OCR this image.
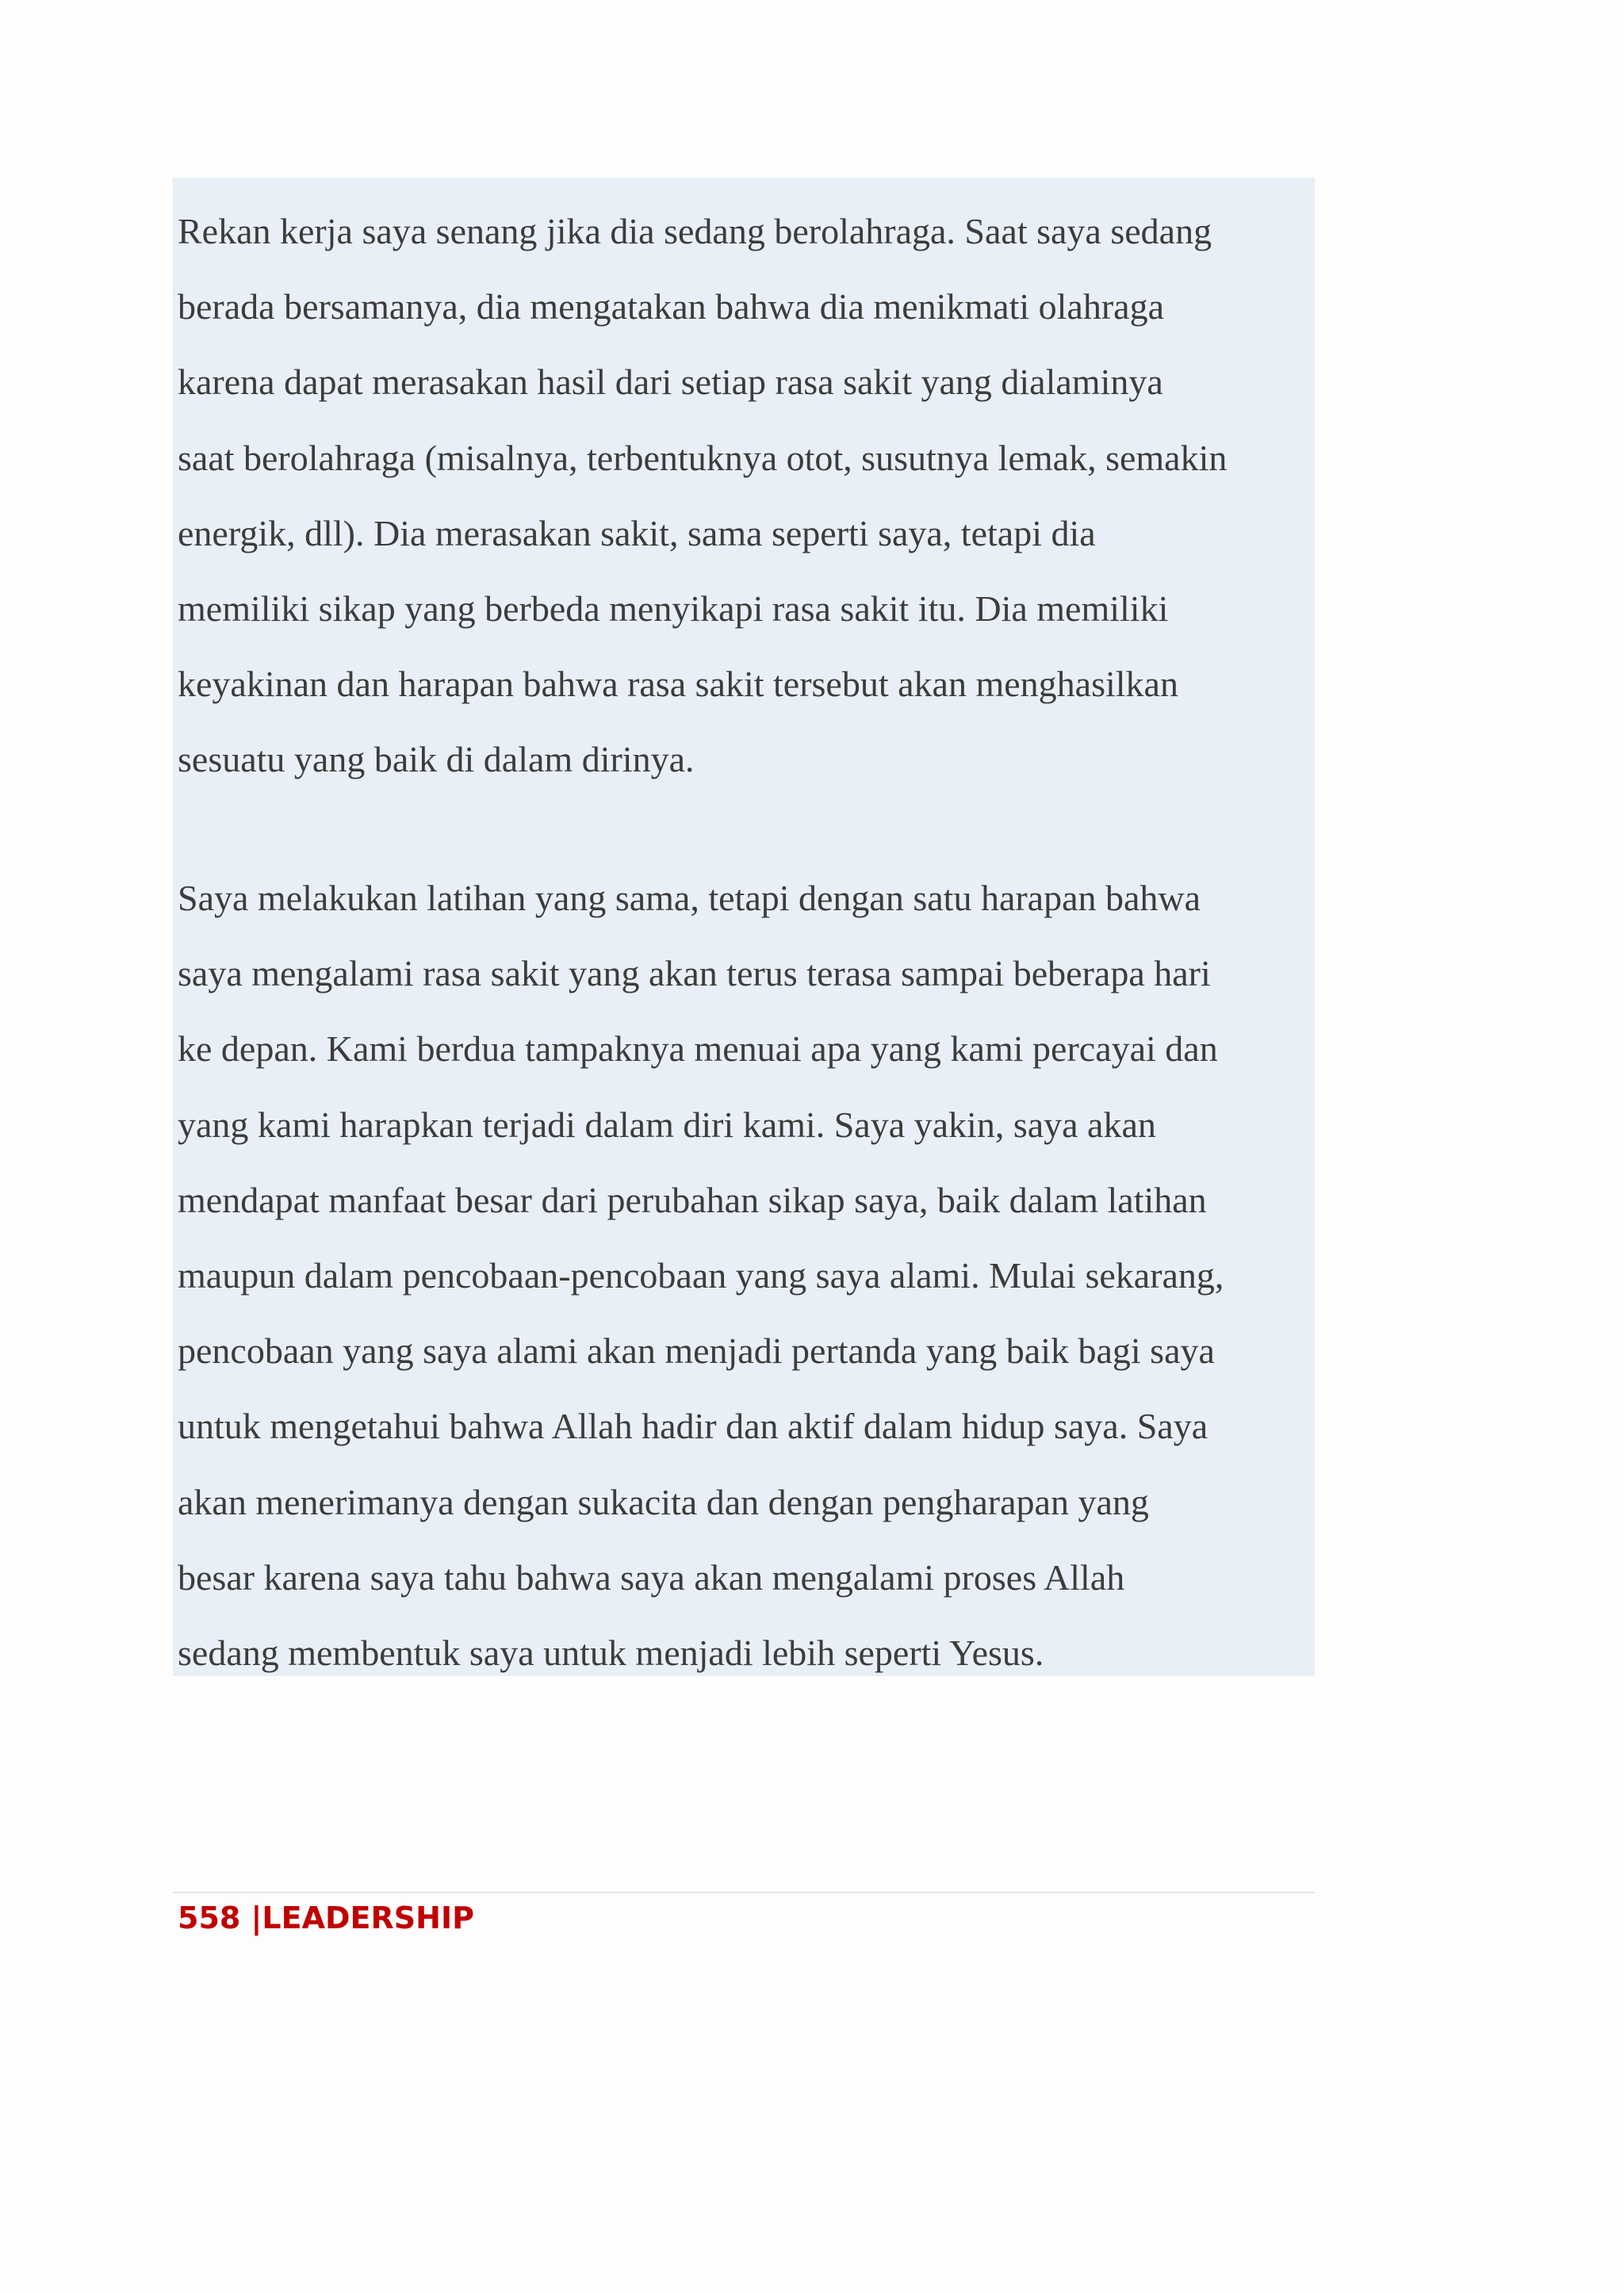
Rekan kerja saya senang jika dia sedang berolahraga. Saat saya sedang
berada bersamanya, dia mengatakan bahwa dia menikmati olahraga
karena dapat merasakan hasil dari setiap rasa sakit yang dialaminya
saat berolahraga (misalnya, terbentuknya otot, susutnya lemak, semakin
energik, dll). Dia merasakan sakit, sama seperti saya, tetapi dia
memiliki sikap yang berbeda menyikapi rasa sakit itu. Dia memiliki
keyakinan dan harapan bahwa rasa sakit tersebut akan menghasilkan
sesuatu yang baik di dalam dirinya.

Saya melakukan latihan yang sama, tetapi dengan satu harapan bahwa
saya mengalami rasa sakit yang akan terus terasa sampai beberapa hari
ke depan. Kami berdua tampaknya menuai apa yang kami percayai dan
yang kami harapkan terjadi dalam diri kami. Saya yakin, saya akan
mendapat manfaat besar dari perubahan sikap saya, baik dalam latihan
maupun dalam pencobaan-pencobaan yang saya alami. Mulai sekarang,
pencobaan yang saya alami akan menjadi pertanda yang baik bagi saya
untuk mengetahui bahwa Allah hadir dan aktif dalam hidup saya. Saya
akan menerimanya dengan sukacita dan dengan pengharapan yang
besar karena saya tahu bahwa saya akan mengalami proses Allah
sedang membentuk saya untuk menjadi lebih seperti Yesus.

558 |LEADERSHIP
